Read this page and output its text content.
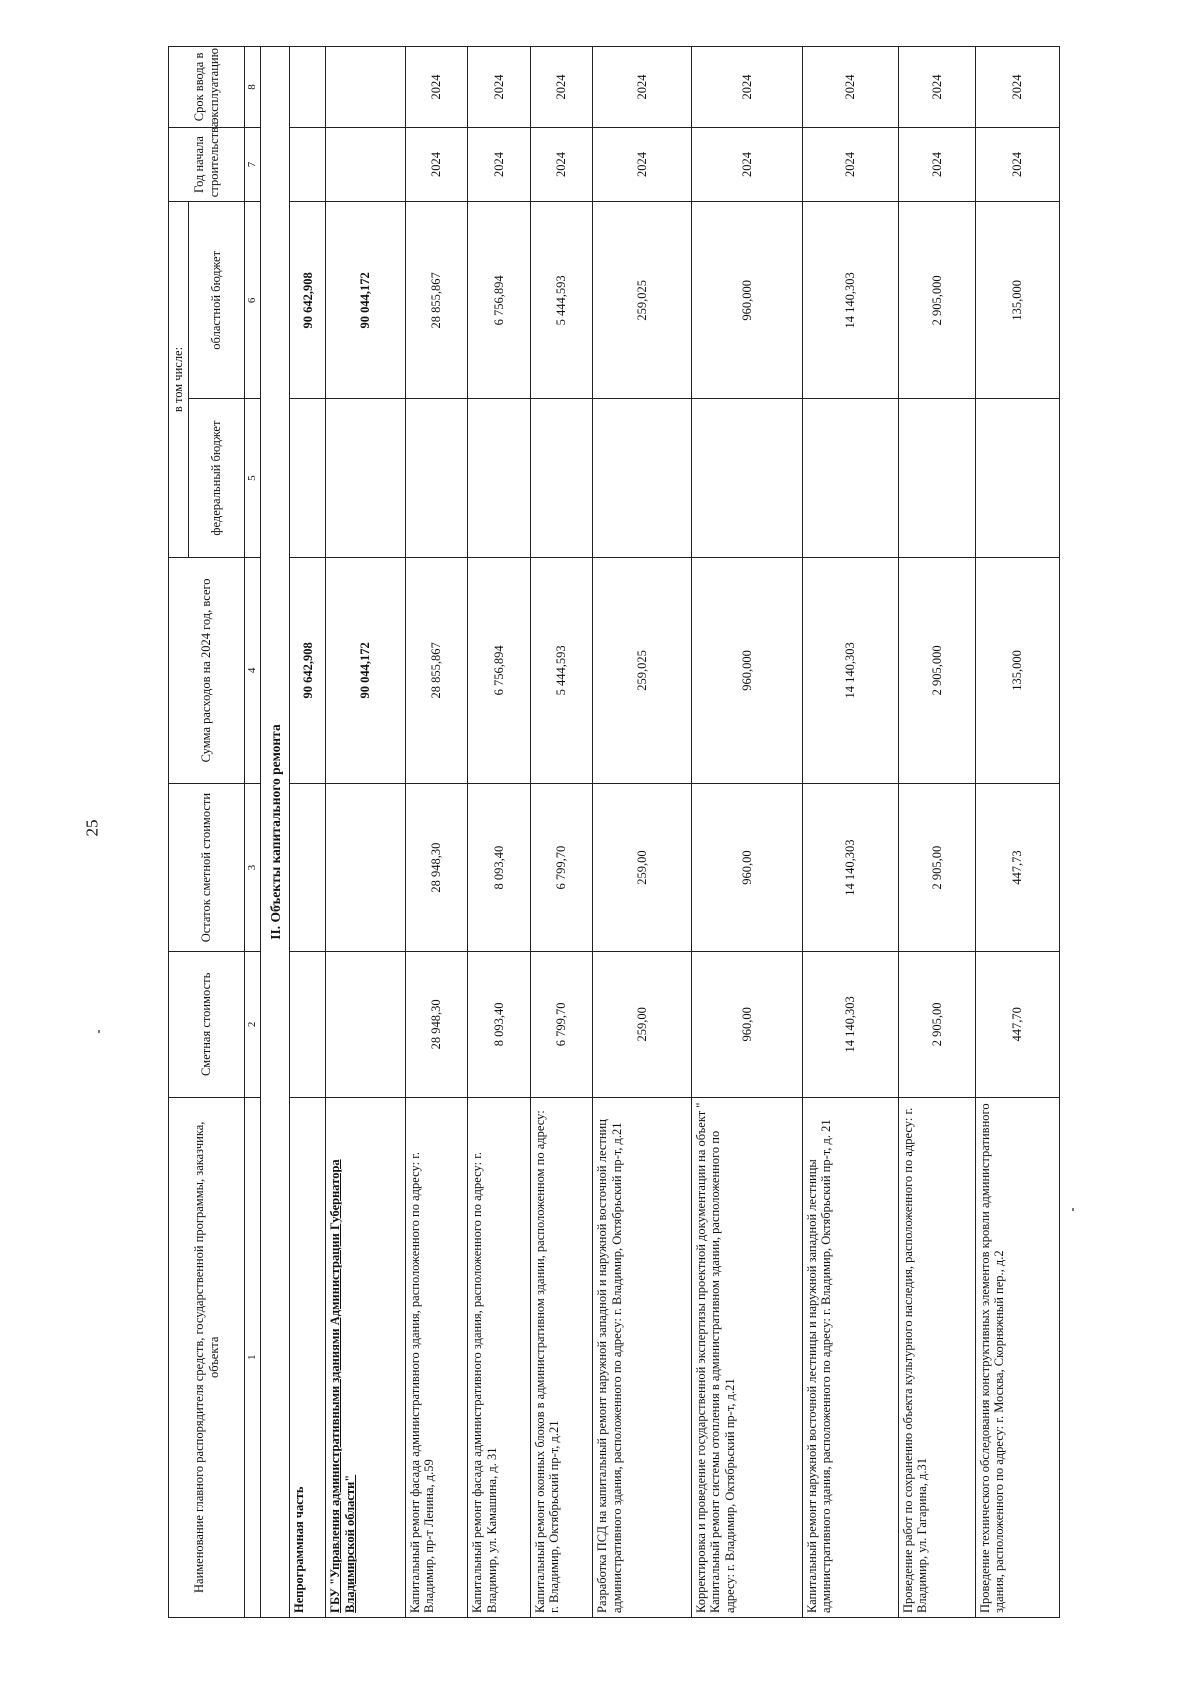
25
Наименование главного распорядителя средств, государственной программы, заказчика, объекта	Сметная стоимость	Остаток сметной стоимости	Сумма расходов на 2024 год, всего	в том числе:		Год начала строительства	Срок ввода в эксплуатацию
				федеральный бюджет	областной бюджет		
1	2	3	4	5	6	7	8
II. Объекты капитального ремонта							
Непрограммная часть			90 642,908		90 642,908		
ГБУ "Управления административными зданиями Администрации Губернатора Владимирской области"			90 044,172		90 044,172		
Капитальный ремонт фасада административного здания, расположенного по адресу: г. Владимир, пр-т Ленина, д.59	28 948,30	28 948,30	28 855,867		28 855,867	2024	2024
Капитальный ремонт фасада административного здания, расположенного по адресу: г. Владимир, ул. Камашина, д. 31	8 093,40	8 093,40	6 756,894		6 756,894	2024	2024
Капитальный ремонт оконных блоков в административном здании, расположенном по адресу: г. Владимир, Октябрьский пр-т, д.21	6 799,70	6 799,70	5 444,593		5 444,593	2024	2024
Разработка ПСД на капитальный ремонт наружной западной и наружной восточной лестниц административного здания, расположенного по адресу: г. Владимир, Октябрьский пр-т, д.21	259,00	259,00	259,025		259,025	2024	2024
Корректировка и проведение государственной экспертизы проектной документации на объект " Капитальный ремонт системы отопления в административном здании, расположенного по адресу: г. Владимир, Октябрьский пр-т, д.21	960,00	960,00	960,000		960,000	2024	2024
Капитальный ремонт наружной восточной лестницы и наружной западной лестницы административного здания, расположенного по адресу: г. Владимир, Октябрьский пр-т, д. 21	14 140,303	14 140,303	14 140,303		14 140,303	2024	2024
Проведение работ по сохранению объекта культурного наследия, расположенного по адресу: г. Владимир, ул. Гагарина, д.31	2 905,00	2 905,00	2 905,000		2 905,000	2024	2024
Проведение технического обследования конструктивных элементов кровли административного здания, расположенного по адресу: г. Москва, Скорняжный пер., д.2	447,70	447,73	135,000		135,000	2024	2024
